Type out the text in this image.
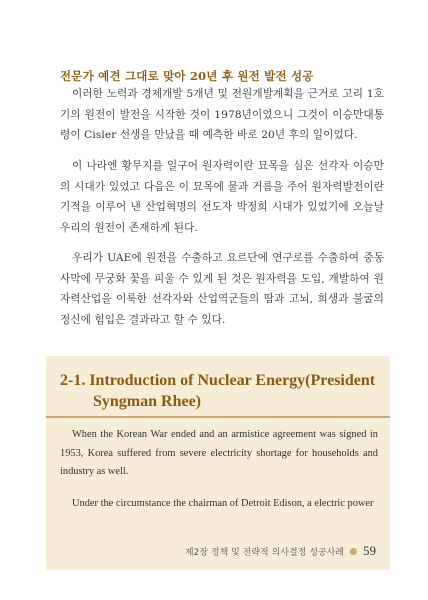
전문가 예견 그대로 맞아 20년 후 원전 발전 성공
이러한 노력과 경제개발 5개년 및 전원개발계획을 근거로 고리 1호기의 원전이 발전을 시작한 것이 1978년이었으니 그것이 이승만대통령이 Cisler 선생을 만났을 때 예측한 바로 20년 후의 일이었다.
이 나라엔 황무지를 일구어 원자력이란 묘목을 심은 선각자 이승만의 시대가 있었고 다음은 이 묘목에 물과 거름을 주어 원자력발전이란 기적을 이루어 낸 산업혁명의 선도자 박정희 시대가 있었기에 오늘날 우리의 원전이 존재하게 된다.
우리가 UAE에 원전을 수출하고 요르단에 연구로를 수출하여 중동사막에 무궁화 꽃을 피울 수 있게 된 것은 원자력을 도입, 개발하여 원자력산업을 이룩한 선각자와 산업역군들의 땀과 고뇌, 희생과 불굴의 정신에 힘입은 결과라고 할 수 있다.
2-1. Introduction of Nuclear Energy(President
Syngman Rhee)
When the Korean War ended and an armistice agreement was signed in 1953, Korea suffered from severe electricity shortage for households and industry as well.
Under the circumstance the chairman of Detroit Edison, a electric power
제2장 정책 및 전략적 의사결정 성공사례 59
